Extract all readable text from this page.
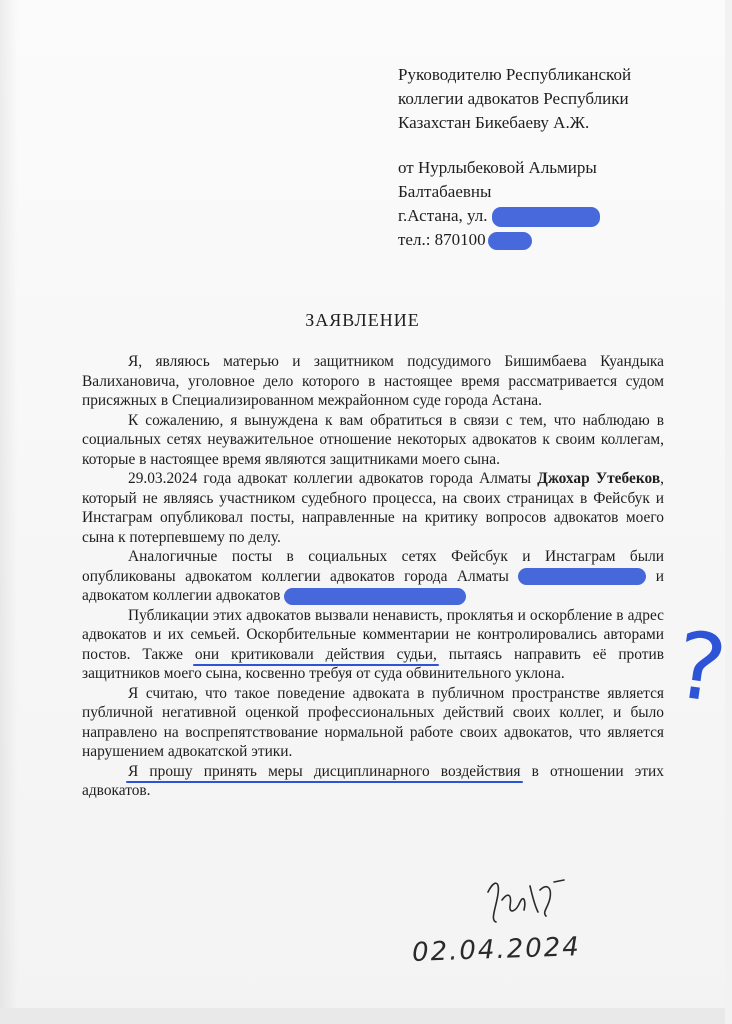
Руководителю Республиканской
коллегии адвокатов Республики
Казахстан Бикебаеву А.Ж.
от Нурлыбековой Альмиры
Балтабаевны
г.Астана, ул.
тел.: 870100
ЗАЯВЛЕНИЕ

Я, являюсь матерью и защитником подсудимого Бишимбаева Куандыка Валихановича, уголовное дело которого в настоящее время рассматривается судом присяжных в Специализированном межрайонном суде города Астана.

К сожалению, я вынуждена к вам обратиться в связи с тем, что наблюдаю в социальных сетях неуважительное отношение некоторых адвокатов к своим коллегам, которые в настоящее время являются защитниками моего сына.

29.03.2024 года адвокат коллегии адвокатов города Алматы Джохар Утебеков, который не являясь участником судебного процесса, на своих страницах в Фейсбук и Инстаграм опубликовал посты, направленные на критику вопросов адвокатов моего сына к потерпевшему по делу.

Аналогичные посты в социальных сетях Фейсбук и Инстаграм были опубликованы адвокатом коллегии адвокатов города Алматы	и адвокатом коллегии адвокатов

Публикации этих адвокатов вызвали ненависть, проклятья и оскорбление в адрес адвокатов и их семьей. Оскорбительные комментарии не контролировались авторами постов. Также они критиковали действия судьи, пытаясь направить её против защитников моего сына, косвенно требуя от суда обвинительного уклона.

Я считаю, что такое поведение адвоката в публичном пространстве является публичной негативной оценкой профессиональных действий своих коллег, и было направлено на воспрепятствование нормальной работе своих адвокатов, что является нарушением адвокатской этики.

Я прошу принять меры дисциплинарного воздействия в отношении этих адвокатов.

?
02.04.2024
